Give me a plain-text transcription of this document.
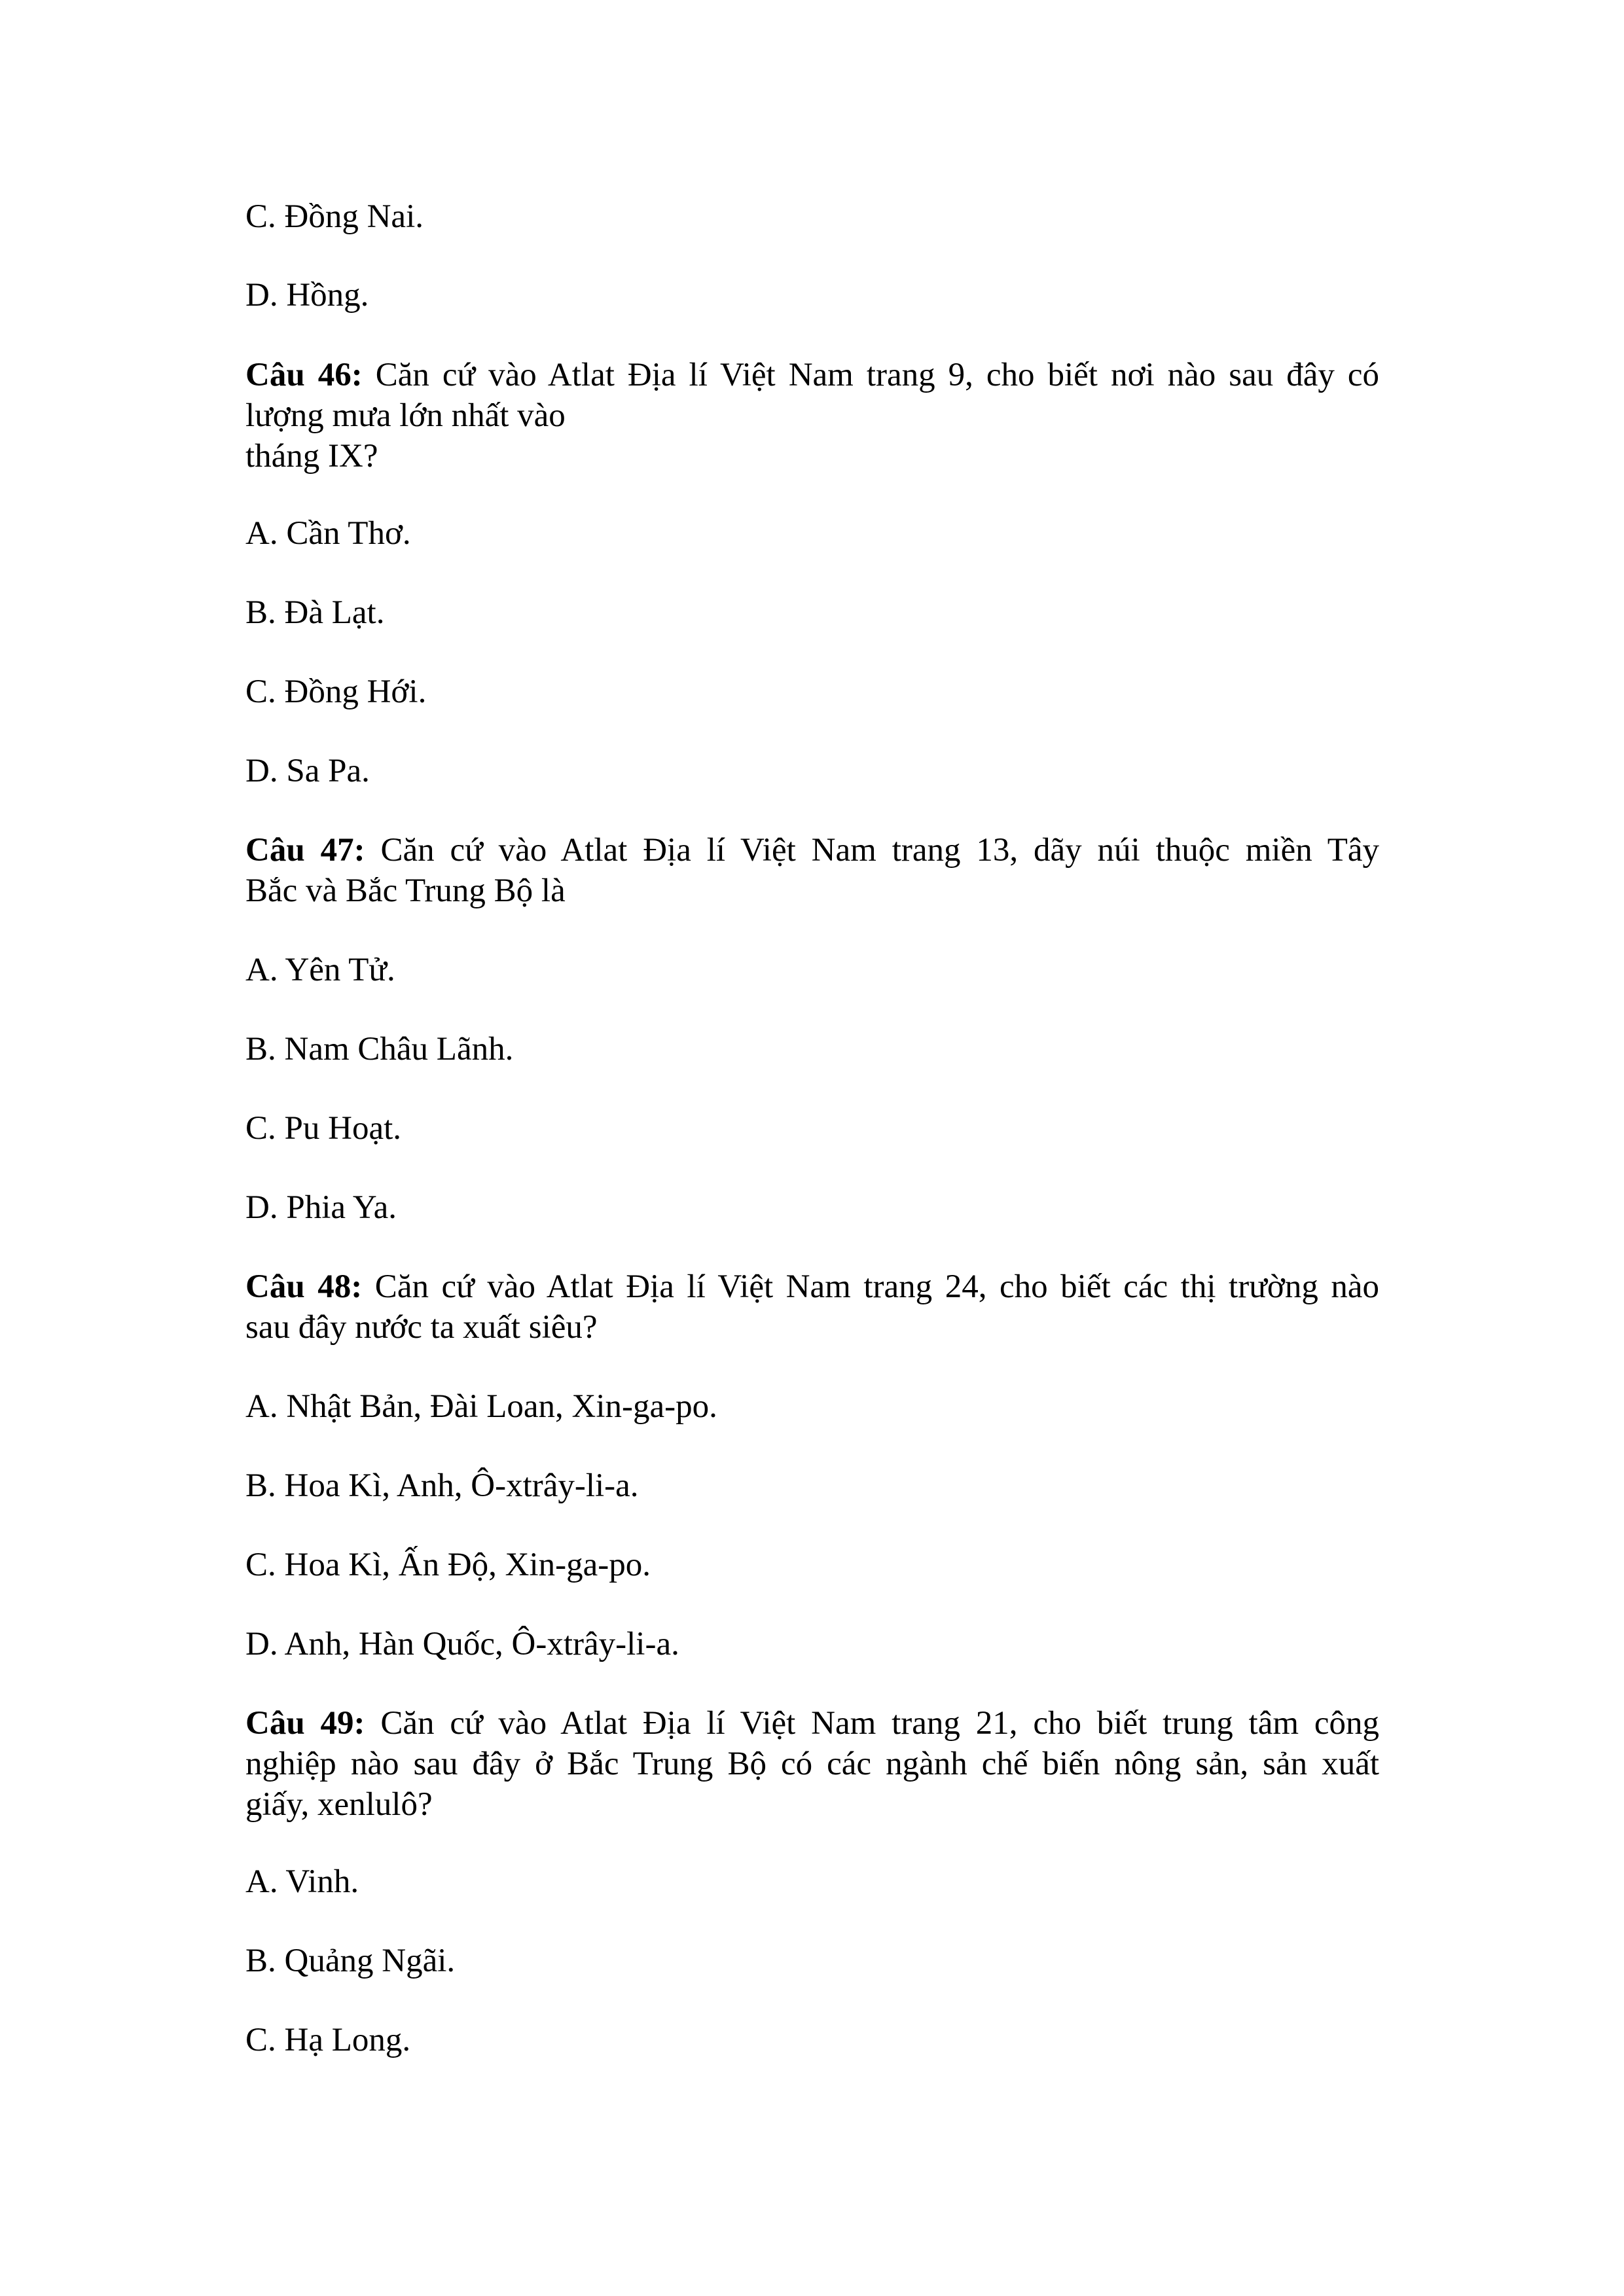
C. Đồng Nai.
D. Hồng.
Câu 46: Căn cứ vào Atlat Địa lí Việt Nam trang 9, cho biết nơi nào sau đây có
lượng mưa lớn nhất vào
tháng IX?
A. Cần Thơ.
B. Đà Lạt.
C. Đồng Hới.
D. Sa Pa.
Câu 47: Căn cứ vào Atlat Địa lí Việt Nam trang 13, dãy núi thuộc miền Tây
Bắc và Bắc Trung Bộ là
A. Yên Tử.
B. Nam Châu Lãnh.
C. Pu Hoạt.
D. Phia Ya.
Câu 48: Căn cứ vào Atlat Địa lí Việt Nam trang 24, cho biết các thị trường nào
sau đây nước ta xuất siêu?
A. Nhật Bản, Đài Loan, Xin-ga-po.
B. Hoa Kì, Anh, Ô-xtrây-li-a.
C. Hoa Kì, Ấn Độ, Xin-ga-po.
D. Anh, Hàn Quốc, Ô-xtrây-li-a.
Câu 49: Căn cứ vào Atlat Địa lí Việt Nam trang 21, cho biết trung tâm công
nghiệp nào sau đây ở Bắc Trung Bộ có các ngành chế biến nông sản, sản xuất
giấy, xenlulô?
A. Vinh.
B. Quảng Ngãi.
C. Hạ Long.
